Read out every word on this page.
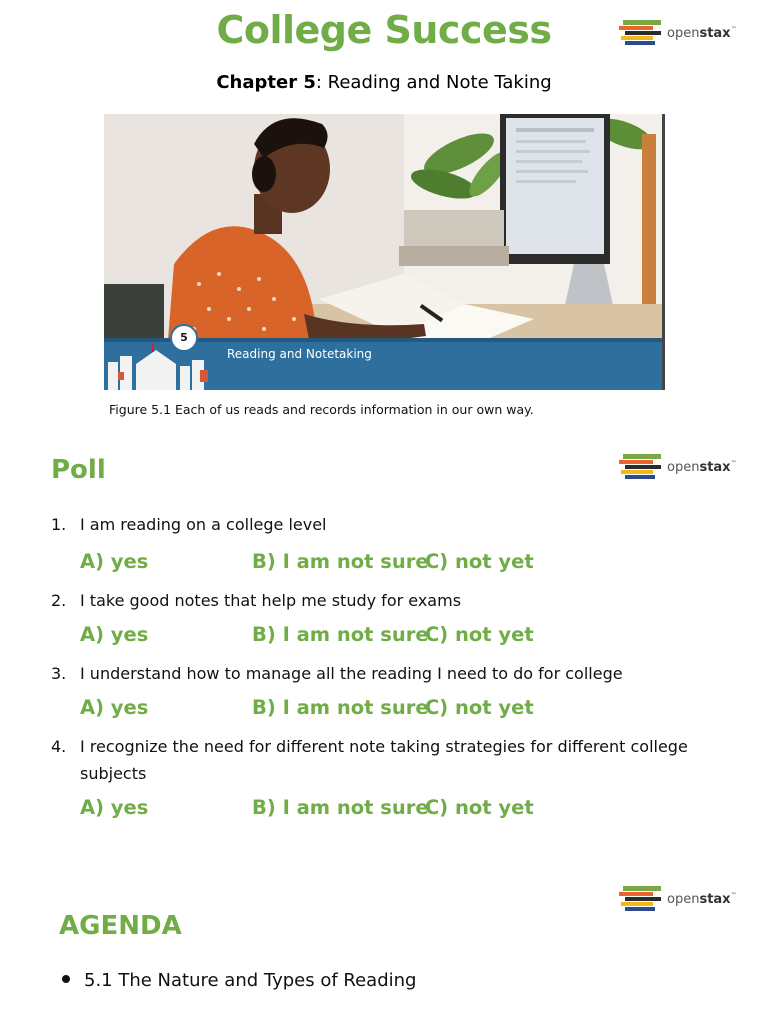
College Success
Chapter 5: Reading and Note Taking
openstax™
5
Reading and Notetaking
Figure 5.1 Each of us reads and records information in our own way.
Poll	openstax™
1. I am reading on a college level
A) yes	B) I am not sure
C) not yet
2. I take good notes that help me study for exams
A) yes	B) I am not sure
C) not yet
3. I understand how to manage all the reading I need to do for college
A) yes	B) I am not sure
C) not yet
4. I recognize the need for different note taking strategies for different college subjects
A) yes	B) I am not sure
C) not yet
openstax™
AGENDA
5.1 The Nature and Types of Reading
